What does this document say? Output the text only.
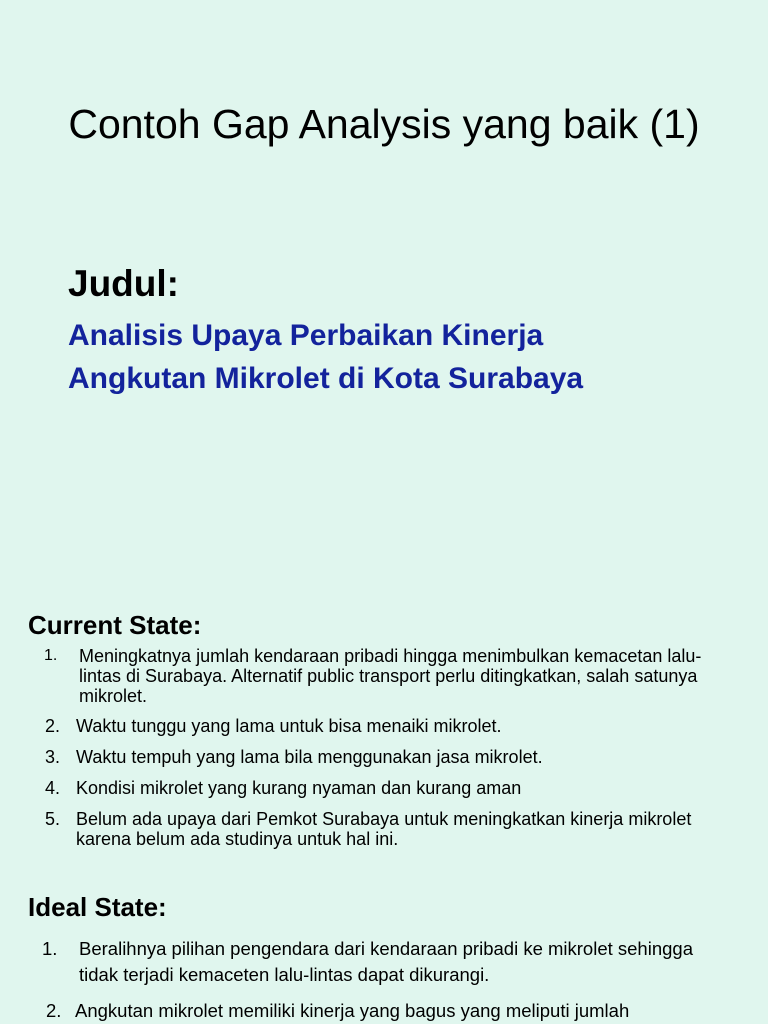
Contoh Gap Analysis yang baik (1)
Judul:
Analisis Upaya Perbaikan Kinerja
Angkutan Mikrolet di Kota Surabaya
Current State:
1. Meningkatnya jumlah kendaraan pribadi hingga menimbulkan kemacetan lalu-lintas di Surabaya. Alternatif public transport perlu ditingkatkan, salah satunya mikrolet.
2. Waktu tunggu yang lama untuk bisa menaiki mikrolet.
3. Waktu tempuh yang lama bila menggunakan jasa mikrolet.
4. Kondisi mikrolet yang kurang nyaman dan kurang aman
5. Belum ada upaya dari Pemkot Surabaya untuk meningkatkan kinerja mikrolet karena belum ada studinya untuk hal ini.
Ideal State:
1. Beralihnya pilihan pengendara dari kendaraan pribadi ke mikrolet sehingga tidak terjadi kemaceten lalu-lintas dapat dikurangi.
2. Angkutan mikrolet memiliki kinerja yang bagus yang meliputi jumlah
